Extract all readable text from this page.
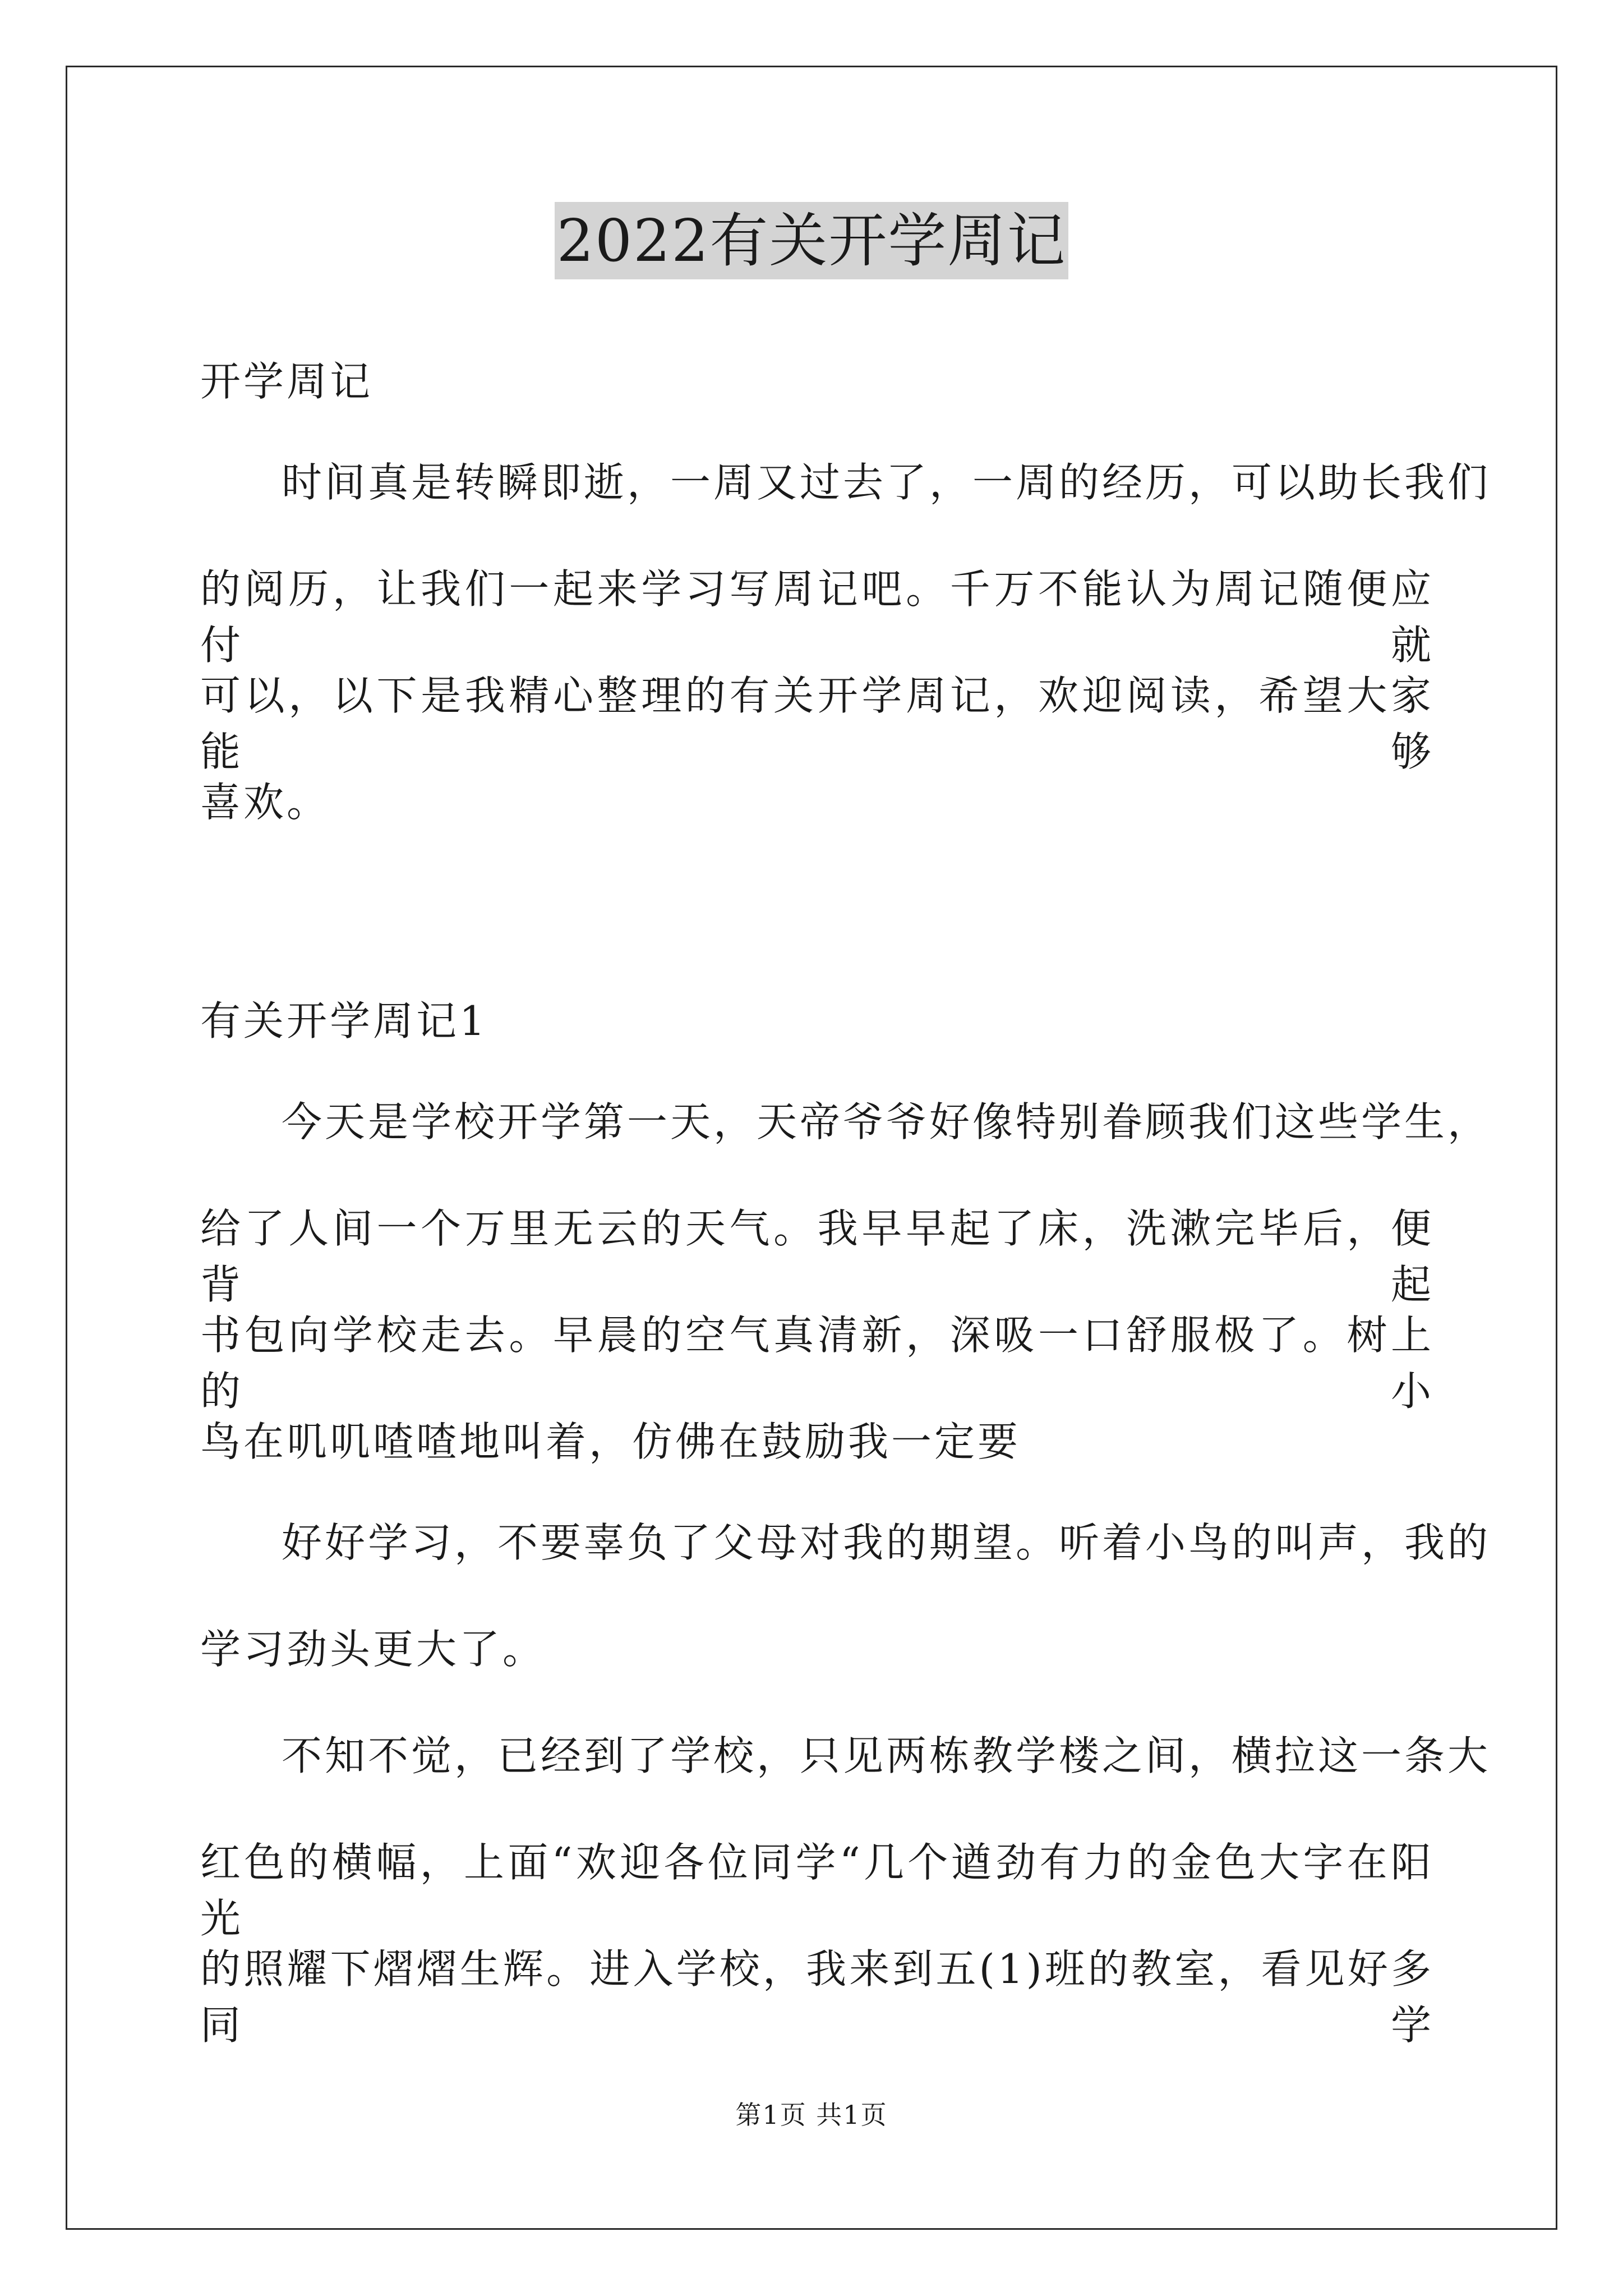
2022有关开学周记
开学周记
时间真是转瞬即逝，一周又过去了，一周的经历，可以助长我们
的阅历，让我们一起来学习写周记吧。千万不能认为周记随便应付就
可以，以下是我精心整理的有关开学周记，欢迎阅读，希望大家能够
喜欢。
有关开学周记1
今天是学校开学第一天，天帝爷爷好像特别眷顾我们这些学生，
给了人间一个万里无云的天气。我早早起了床，洗漱完毕后，便背起
书包向学校走去。早晨的空气真清新，深吸一口舒服极了。树上的小
鸟在叽叽喳喳地叫着，仿佛在鼓励我一定要
好好学习，不要辜负了父母对我的期望。听着小鸟的叫声，我的
学习劲头更大了。
不知不觉，已经到了学校，只见两栋教学楼之间，横拉这一条大
红色的横幅，上面“欢迎各位同学“几个遒劲有力的金色大字在阳光
的照耀下熠熠生辉。进入学校，我来到五(1)班的教室，看见好多同学
第1页 共1页
